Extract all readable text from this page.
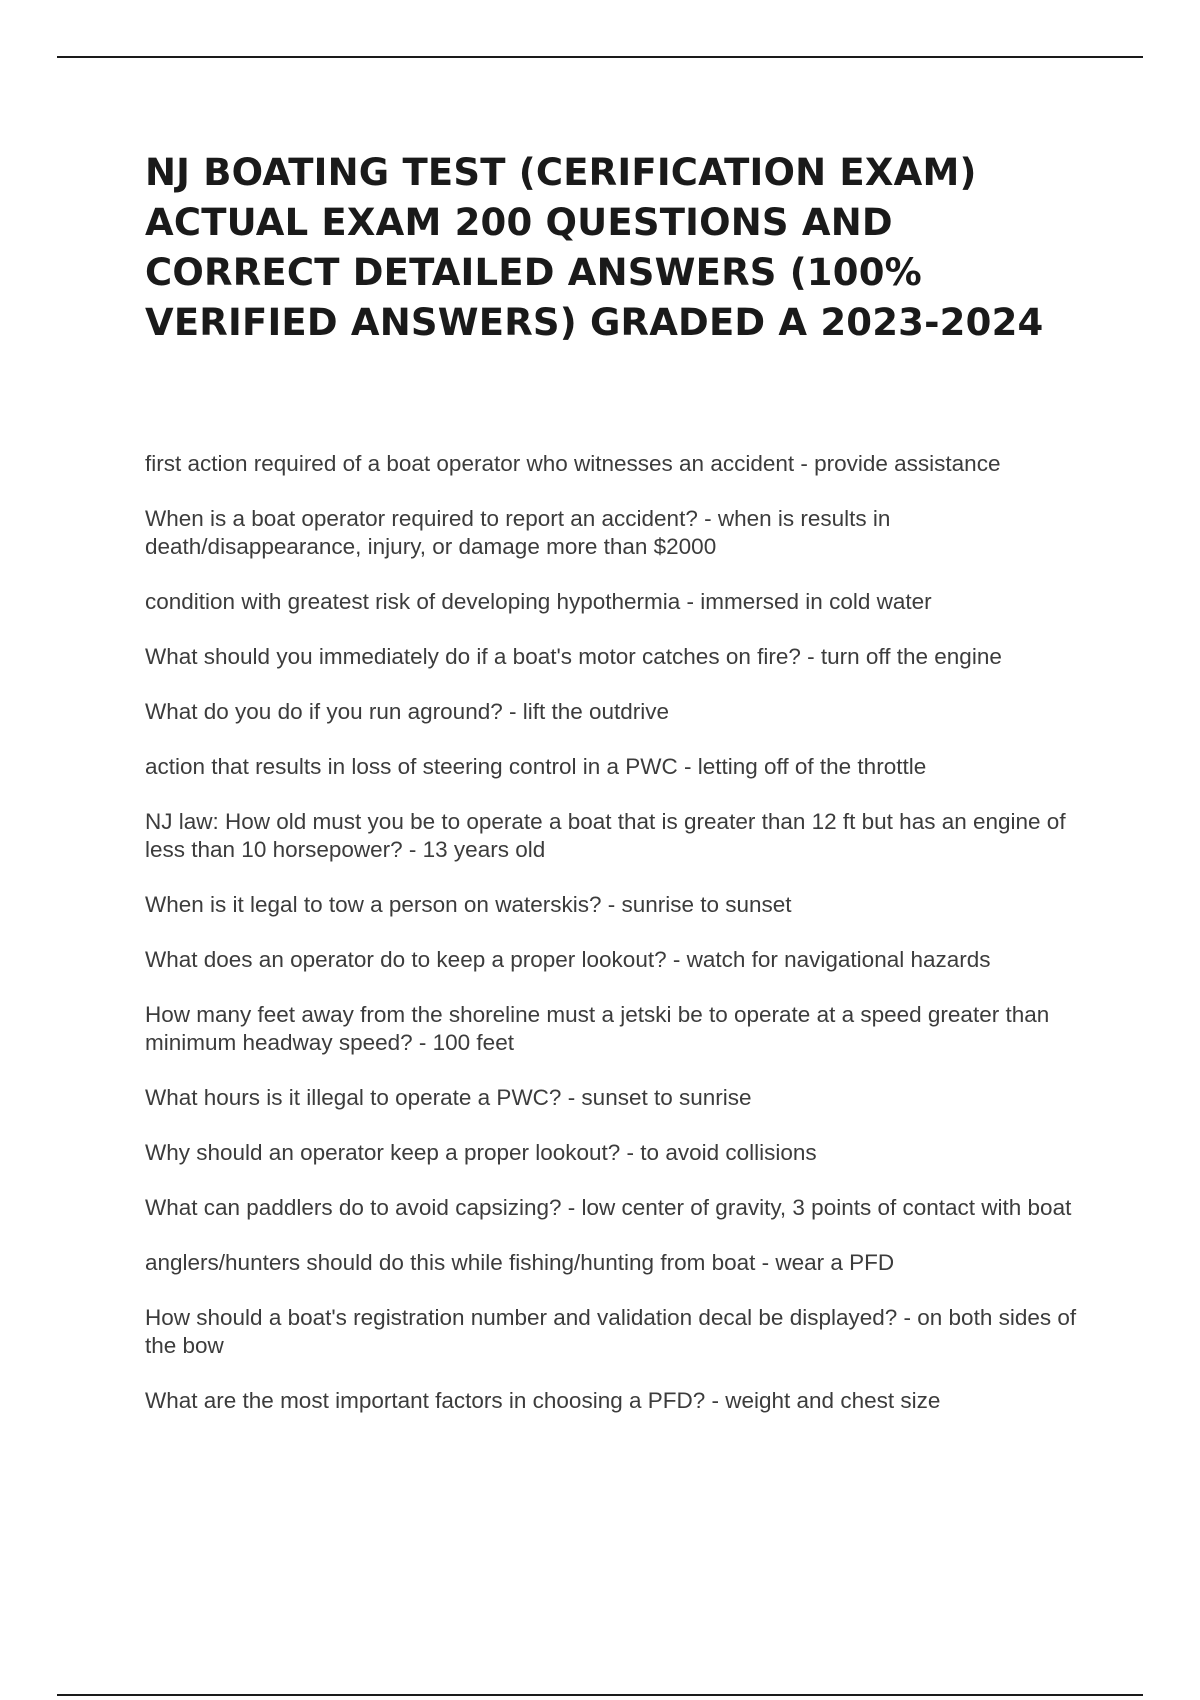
NJ BOATING TEST (CERIFICATION EXAM) ACTUAL EXAM 200 QUESTIONS AND CORRECT DETAILED ANSWERS (100% VERIFIED ANSWERS) GRADED A 2023-2024
first action required of a boat operator who witnesses an accident - provide assistance
When is a boat operator required to report an accident? - when is results in death/disappearance, injury, or damage more than $2000
condition with greatest risk of developing hypothermia - immersed in cold water
What should you immediately do if a boat's motor catches on fire? - turn off the engine
What do you do if you run aground? - lift the outdrive
action that results in loss of steering control in a PWC - letting off of the throttle
NJ law: How old must you be to operate a boat that is greater than 12 ft but has an engine of less than 10 horsepower? - 13 years old
When is it legal to tow a person on waterskis? - sunrise to sunset
What does an operator do to keep a proper lookout? - watch for navigational hazards
How many feet away from the shoreline must a jetski be to operate at a speed greater than minimum headway speed? - 100 feet
What hours is it illegal to operate a PWC? - sunset to sunrise
Why should an operator keep a proper lookout? - to avoid collisions
What can paddlers do to avoid capsizing? - low center of gravity, 3 points of contact with boat
anglers/hunters should do this while fishing/hunting from boat - wear a PFD
How should a boat's registration number and validation decal be displayed? - on both sides of the bow
What are the most important factors in choosing a PFD? - weight and chest size
